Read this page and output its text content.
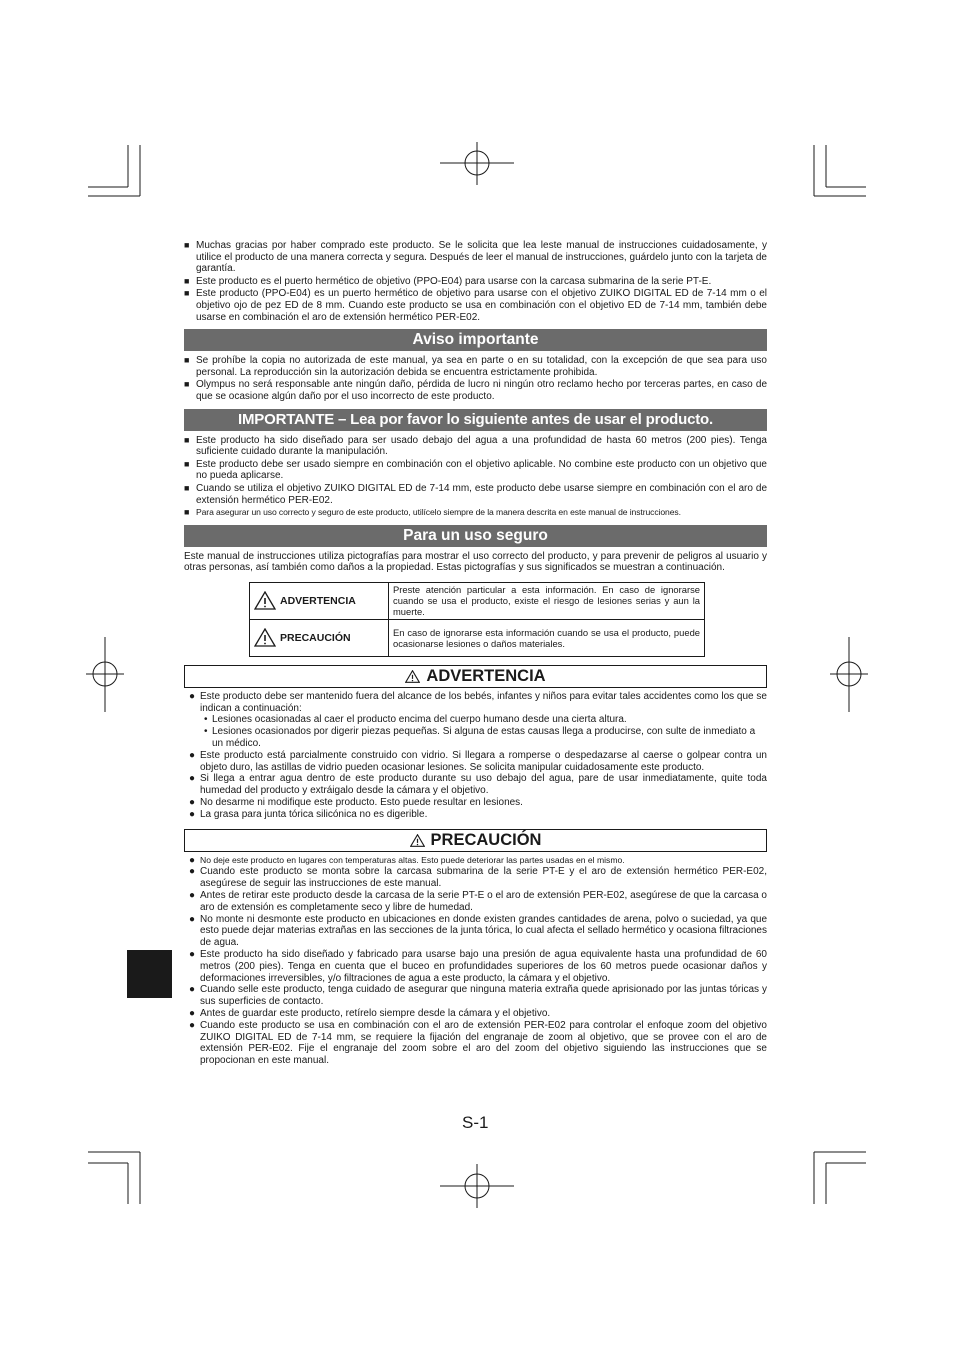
■ Muchas gracias por haber comprado este producto. Se le solicita que lea leste manual de instrucciones cuidadosamente, y utilice el producto de una manera correcta y segura. Después de leer el manual de instrucciones, guárdelo junto con la tarjeta de garantía.
■ Este producto es el puerto hermético de objetivo (PPO-E04) para usarse con la carcasa submarina de la serie PT-E.
■ Este producto (PPO-E04) es un puerto hermético de objetivo para usarse con el objetivo ZUIKO DIGITAL ED de 7-14 mm o el objetivo ojo de pez ED de 8 mm. Cuando este producto se usa en combinación con el objetivo ED de 7-14 mm, también debe usarse en combinación el aro de extensión hermético PER-E02.
Aviso importante
■ Se prohíbe la copia no autorizada de este manual, ya sea en parte o en su totalidad, con la excepción de que sea para uso personal. La reproducción sin la autorización debida se encuentra estrictamente prohibida.
■ Olympus no será responsable ante ningún daño, pérdida de lucro ni ningún otro reclamo hecho por terceras partes, en caso de que se ocasione algún daño por el uso incorrecto de este producto.
IMPORTANTE – Lea por favor lo siguiente antes de usar el producto.
■ Este producto ha sido diseñado para ser usado debajo del agua a una profundidad de hasta 60 metros (200 pies). Tenga suficiente cuidado durante la manipulación.
■ Este producto debe ser usado siempre en combinación con el objetivo aplicable. No combine este producto con un objetivo que no pueda aplicarse.
■ Cuando se utiliza el objetivo ZUIKO DIGITAL ED de 7-14 mm, este producto debe usarse siempre en combinación con el aro de extensión hermético PER-E02.
■ Para asegurar un uso correcto y seguro de este producto, utilícelo siempre de la manera descrita en este manual de instrucciones.
Para un uso seguro

Este manual de instrucciones utiliza pictografías para mostrar el uso correcto del producto, y para prevenir de peligros al usuario y otras personas, así también como daños a la propiedad. Estas pictografías y sus significados se muestran a continuación.

ADVERTENCIA	Preste atención particular a esta información. En caso de ignorarse cuando se usa el producto, existe el riesgo de lesiones serias y aun la muerte.

PRECAUCIÓN	En caso de ignorarse esta información cuando se usa el producto, puede ocasionarse lesiones o daños materiales.
ADVERTENCIA
● Este producto debe ser mantenido fuera del alcance de los bebés, infantes y niños para evitar tales accidentes como los que se indican a continuación:
• Lesiones ocasionadas al caer el producto encima del cuerpo humano desde una cierta altura.
• Lesiones ocasionados por digerir piezas pequeñas. Si alguna de estas causas llega a producirse, con sulte de inmediato a un médico.
● Este producto está parcialmente construido con vidrio. Si llegara a romperse o despedazarse al caerse o golpear contra un objeto duro, las astillas de vidrio pueden ocasionar lesiones. Se solicita manipular cuidadosamente este producto.
● Si llega a entrar agua dentro de este producto durante su uso debajo del agua, pare de usar inmediatamente, quite toda humedad del producto y extráigalo desde la cámara y el objetivo.
● No desarme ni modifique este producto. Esto puede resultar en lesiones.
● La grasa para junta tórica silicónica no es digerible.
PRECAUCIÓN
● No deje este producto en lugares con temperaturas altas. Esto puede deteriorar las partes usadas en el mismo.
● Cuando este producto se monta sobre la carcasa submarina de la serie PT-E y el aro de extensión hermético PER-E02, asegúrese de seguir las instrucciones de este manual.
● Antes de retirar este producto desde la carcasa de la serie PT-E o el aro de extensión PER-E02, asegúrese de que la carcasa o aro de extensión es completamente seco y libre de humedad.
● No monte ni desmonte este producto en ubicaciones en donde existen grandes cantidades de arena, polvo o suciedad, ya que esto puede dejar materias extrañas en las secciones de la junta tórica, lo cual afecta el sellado hermético y ocasiona filtraciones de agua.
● Este producto ha sido diseñado y fabricado para usarse bajo una presión de agua equivalente hasta una profundidad de 60 metros (200 pies). Tenga en cuenta que el buceo en profundidades superiores de los 60 metros puede ocasionar daños y deformaciones irreversibles, y/o filtraciones de agua a este producto, la cámara y el objetivo.
● Cuando selle este producto, tenga cuidado de asegurar que ninguna materia extraña quede aprisionado por las juntas tóricas y sus superficies de contacto.
● Antes de guardar este producto, retírelo siempre desde la cámara y el objetivo.
● Cuando este producto se usa en combinación con el aro de extensión PER-E02 para controlar el enfoque zoom del objetivo ZUIKO DIGITAL ED de 7-14 mm, se requiere la fijación del engranaje de zoom al objetivo, que se provee con el aro de extensión PER-E02. Fije el engranaje del zoom sobre el aro del zoom del objetivo siguiendo las instrucciones que se propocionan en este manual.
S-1
